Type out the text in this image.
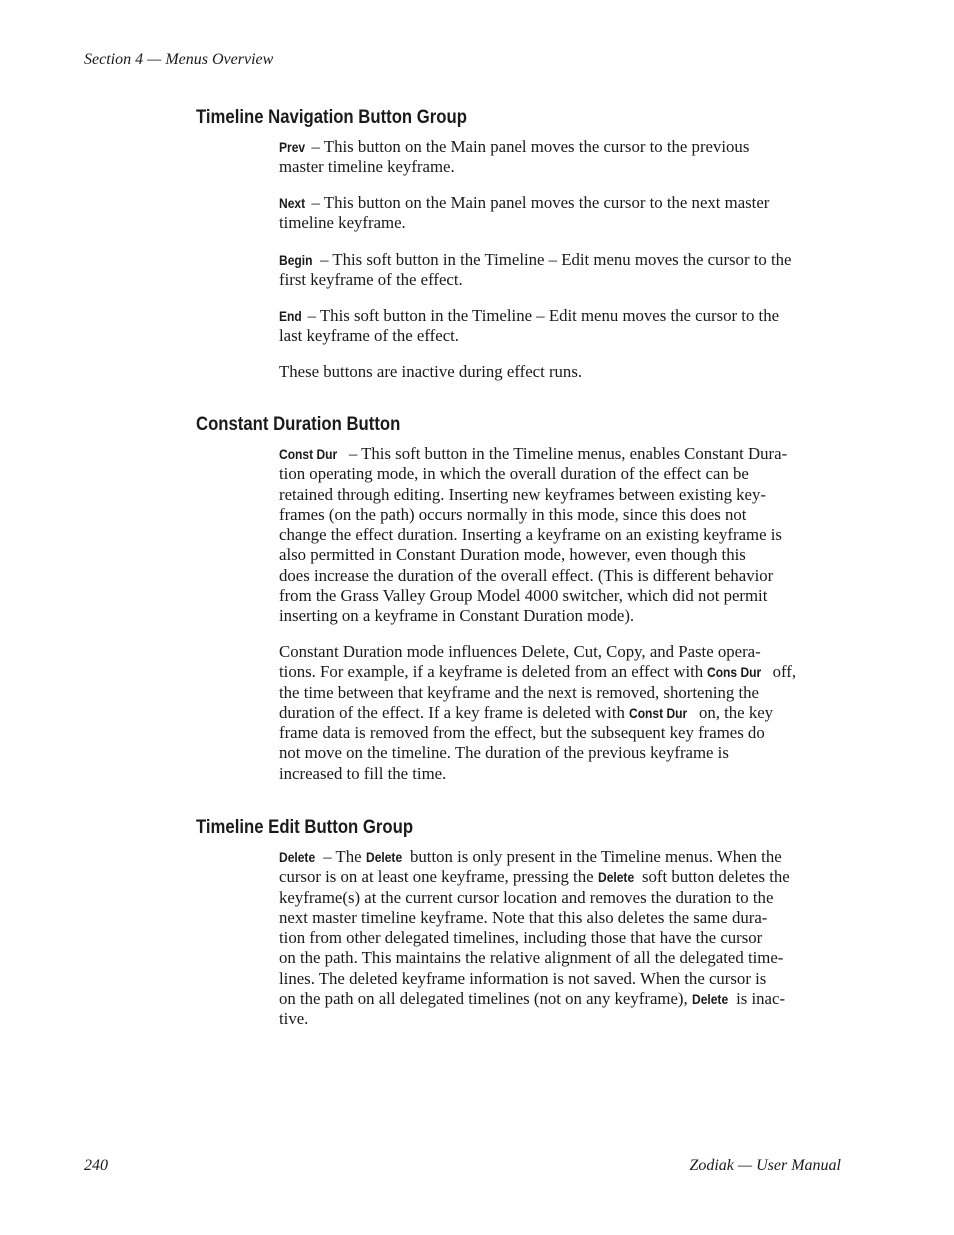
Section 4 — Menus Overview
Timeline Navigation Button Group
Prev – This button on the Main panel moves the cursor to the previous
master timeline keyframe.
Next – This button on the Main panel moves the cursor to the next master
timeline keyframe.
Begin – This soft button in the Timeline – Edit menu moves the cursor to the
first keyframe of the effect.
End – This soft button in the Timeline – Edit menu moves the cursor to the
last keyframe of the effect.
These buttons are inactive during effect runs.
Constant Duration Button
Const Dur – This soft button in the Timeline menus, enables Constant Dura-
tion operating mode, in which the overall duration of the effect can be
retained through editing. Inserting new keyframes between existing key-
frames (on the path) occurs normally in this mode, since this does not
change the effect duration. Inserting a keyframe on an existing keyframe is
also permitted in Constant Duration mode, however, even though this
does increase the duration of the overall effect. (This is different behavior
from the Grass Valley Group Model 4000 switcher, which did not permit
inserting on a keyframe in Constant Duration mode).
Constant Duration mode influences Delete, Cut, Copy, and Paste opera-
tions. For example, if a keyframe is deleted from an effect with Cons Dur off,
the time between that keyframe and the next is removed, shortening the
duration of the effect. If a key frame is deleted with Const Dur on, the key
frame data is removed from the effect, but the subsequent key frames do
not move on the timeline. The duration of the previous keyframe is
increased to fill the time.
Timeline Edit Button Group
Delete – The Delete button is only present in the Timeline menus. When the
cursor is on at least one keyframe, pressing the Delete soft button deletes the
keyframe(s) at the current cursor location and removes the duration to the
next master timeline keyframe. Note that this also deletes the same dura-
tion from other delegated timelines, including those that have the cursor
on the path. This maintains the relative alignment of all the delegated time-
lines. The deleted keyframe information is not saved. When the cursor is
on the path on all delegated timelines (not on any keyframe), Delete is inac-
tive.
240	Zodiak — User Manual
